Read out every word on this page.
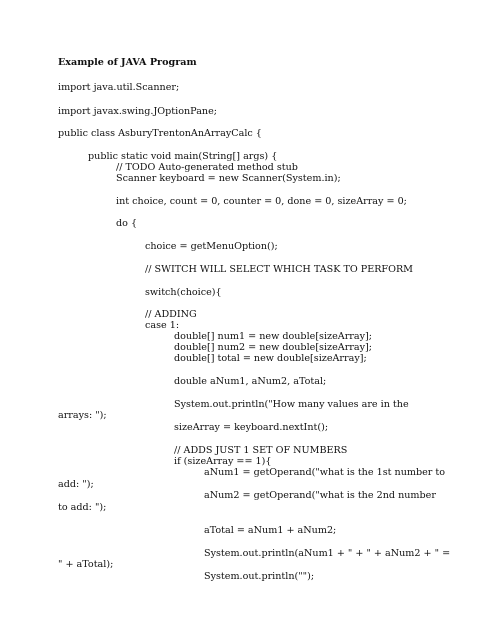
Example of JAVA Program
import java.util.Scanner;
import javax.swing.JOptionPane;
public class AsburyTrentonAnArrayCalc {
public static void main(String[] args) {
// TODO Auto-generated method stub
Scanner keyboard = new Scanner(System.in);
int choice, count = 0, counter = 0, done = 0, sizeArray = 0;
do {
choice = getMenuOption();
// SWITCH WILL SELECT WHICH TASK TO PERFORM
switch(choice){
// ADDING
case 1:
double[] num1 = new double[sizeArray];
double[] num2 = new double[sizeArray];
double[] total = new double[sizeArray];
double aNum1, aNum2, aTotal;
System.out.println("How many values are in the
arrays: ");
sizeArray = keyboard.nextInt();
// ADDS JUST 1 SET OF NUMBERS
if (sizeArray == 1){
aNum1 = getOperand("what is the 1st number to
add: ");
aNum2 = getOperand("what is the 2nd number
to add: ");
aTotal = aNum1 + aNum2;
System.out.println(aNum1 + " + " + aNum2 + " =
" + aTotal);
System.out.println("");
